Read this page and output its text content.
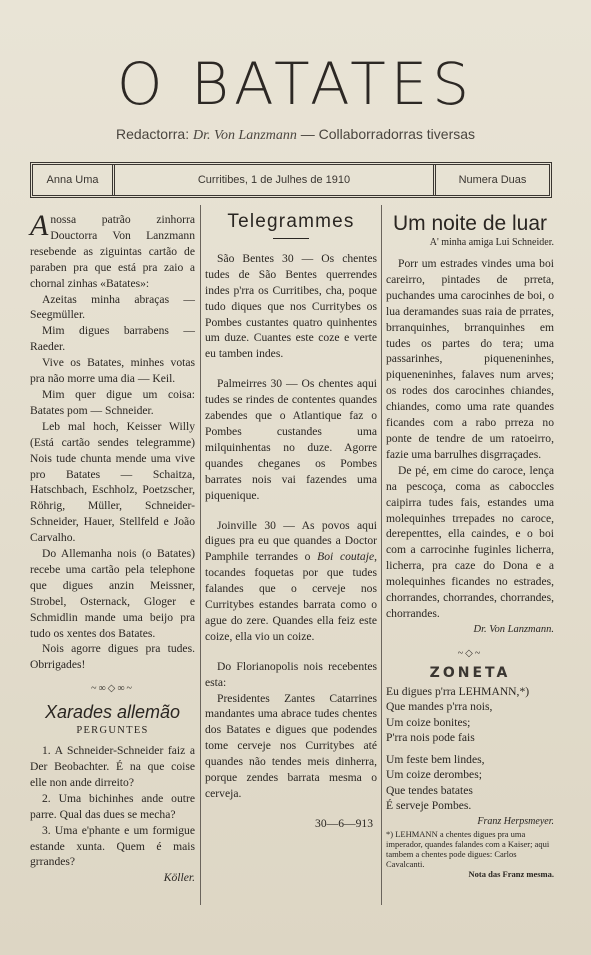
O BATATES
Redactorra: Dr. Von Lanzmann — Collaborradorras tiversas
Anna Uma	Curritibes, 1 de Julhes de 1910	Numera Duas

Anossa patrão zinhorra Douctorra Von Lanzmann resebende as ziguintas cartão de paraben pra que está pra zaio a chornal zinhas «Batates»:

Azeitas minha abraças — Seegmüller.

Mim digues barrabens — Raeder.

Vive os Batates, minhes votas pra não morre uma dia — Keil.

Mim quer digue um coisa: Batates pom — Schneider.

Leb mal hoch, Keisser Willy (Está cartão sendes telegramme) Nois tude chunta mende uma vive pro Batates — Schaitza, Hatschbach, Eschholz, Poetzscher, Röhrig, Müller, Schneider-Schneider, Hauer, Stellfeld e João Carvalho.

Do Allemanha nois (o Batates) recebe uma cartão pela telephone que digues anzin Meissner, Strobel, Osternack, Gloger e Schmidlin mande uma beijo pra tudo os xentes dos Batates.

Nois agorre digues pra tudes. Obrrigades!

~∞◇∞~
Xarades allemão
PERGUNTES

1. A Schneider-Schneider faiz a Der Beobachter. É na que coise elle non ande dirreito?

2. Uma bichinhes ande outre parre. Qual das dues se mecha?

3. Uma e'phante e um formigue estande xunta. Quem é mais grrandes?

Köller.

Telegrammes

São Bentes 30 — Os chentes tudes de São Bentes querrendes indes p'rra os Curritibes, cha, poque tudo diques que nos Curritybes os Pombes custantes quatro quinhentes um duze. Cuantes este coze e verte eu tamben indes.

Palmeirres 30 — Os chentes aqui tudes se rindes de contentes quandes zabendes que o Atlantique faz o Pombes custandes uma milquinhentas no duze. Agorre quandes cheganes os Pombes barrates nois vai fazendes uma piquenique.

Joinville 30 — As povos aqui digues pra eu que quandes a Doctor Pamphile terrandes o Boi coutaje, tocandes foquetas por que tudes falandes que o cerveje nos Curritybes estandes barrata como o ague do zere. Quandes ella feiz este coize, ella vio un coize.

Do Florianopolis nois recebentes esta:

Presidentes Zantes Catarrines mandantes uma abrace tudes chentes dos Batates e digues que podendes tome cerveje nos Curritybes até quandes não tendes meis dinherra, porque zendes barrata mesma o cerveja.

30—6—913

Um noite de luar

A' minha amiga Lui Schneider.

Porr um estrades vindes uma boi careirro, pintades de prreta, puchandes uma carocinhes de boi, o lua deramandes suas raia de prrates, brranquinhes, brranquinhes em tudes os partes do tera; uma passarinhes, piqueneninhes, piqueneninhes, falaves num arves; os rodes dos carocinhes chiandes, chiandes, como uma rate quandes ficandes com a rabo prreza no ponte de tendre de um ratoeirro, fazie uma barrulhes disgrraçades.

De pé, em cime do caroce, lença na pescoça, coma as caboccles caipirra tudes fais, estandes uma molequinhes trrepades no caroce, derepenttes, ella caindes, e o boi com a carrocinhe fuginles licherra, licherra, pra caze do Dona e a molequinhes ficandes no estrades, chorrandes, chorrandes, chorrandes, chorrandes.

Dr. Von Lanzmann.

~◇~
ZONETA
Eu digues p'rra LEHMANN,*)
Que mandes p'rra nois,
Um coize bonites;
P'rra nois pode fais
Um feste bem lindes,
Um coize derombes;
Que tendes batates
É serveje Pombes.

Franz Herpsmeyer.

*) LEHMANN a chentes digues pra uma imperador, quandes falandes com a Kaiser; aqui tambem a chentes pode digues: Carlos Cavalcanti.

Nota das Franz mesma.
